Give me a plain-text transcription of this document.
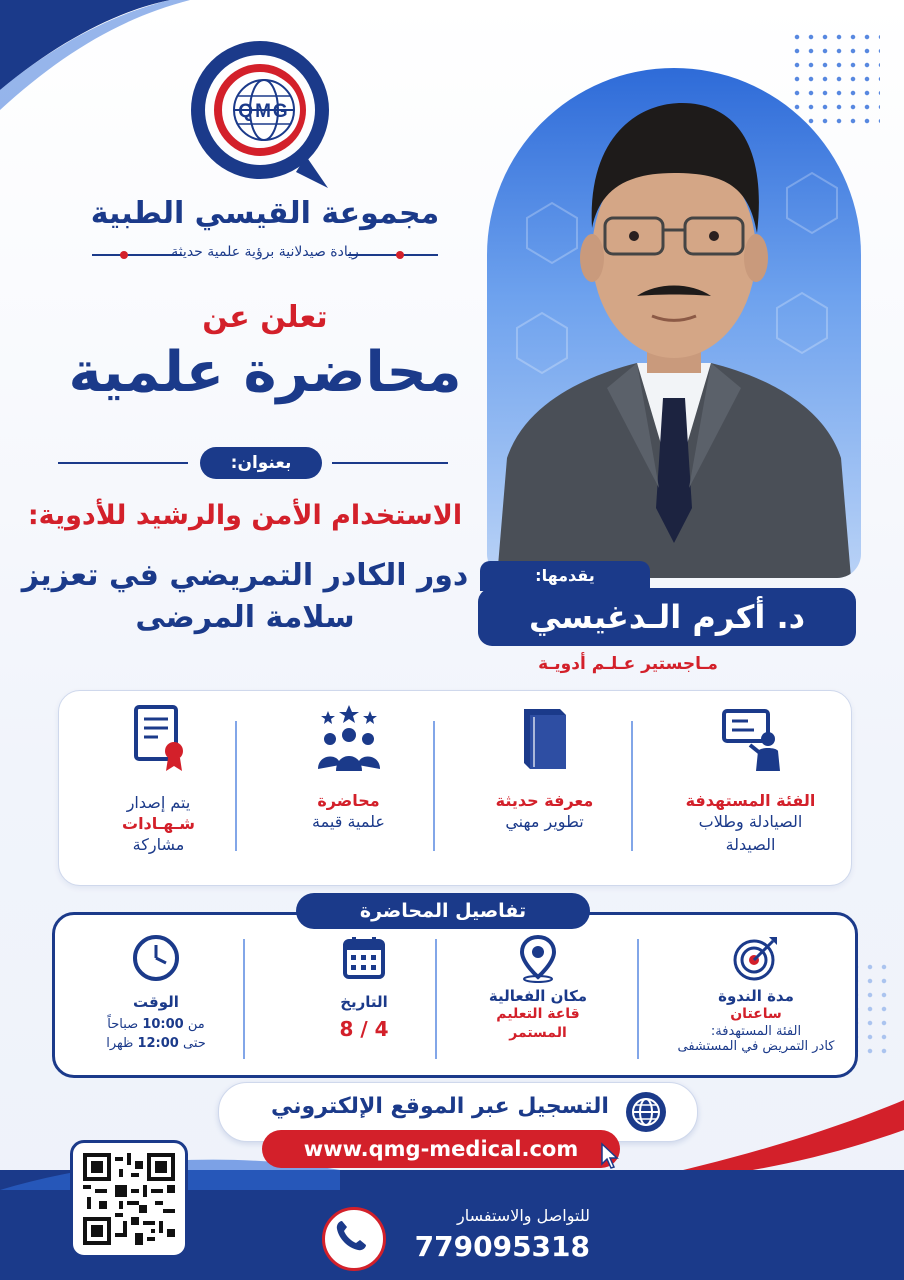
QMG
مجموعة القيسي الطبية
ريادة صيدلانية برؤية علمية حديثة
تعلن عن
محاضرة علمية
بعنوان:
الاستخدام الأمن والرشيد للأدوية:
دور الكادر التمريضي في تعزيز سلامة المرضى
يقدمها:
د. أكرم الـدغيسي
مـاجستير عـلـم أدويـة
الفئة المستهدفة
الصيادلة وطلاب
الصيدلة
معرفة حديثة
تطوير مهني
محاضرة
علمية قيمة
يتم إصدار
شـهـادات
مشاركة
مدة الندوة
ساعتان
الفئة المستهدفة:
كادر التمريض في المستشفى
مكان الفعالية
قاعة التعليم
المستمر
التاريخ
8 / 4
الوقت
من 10:00 صباحاً
حتى 12:00 ظهرا
تفاصيل المحاضرة
التسجيل عبر الموقع الإلكتروني
www.qmg-medical.com
للتواصل والاستفسار
779095318
